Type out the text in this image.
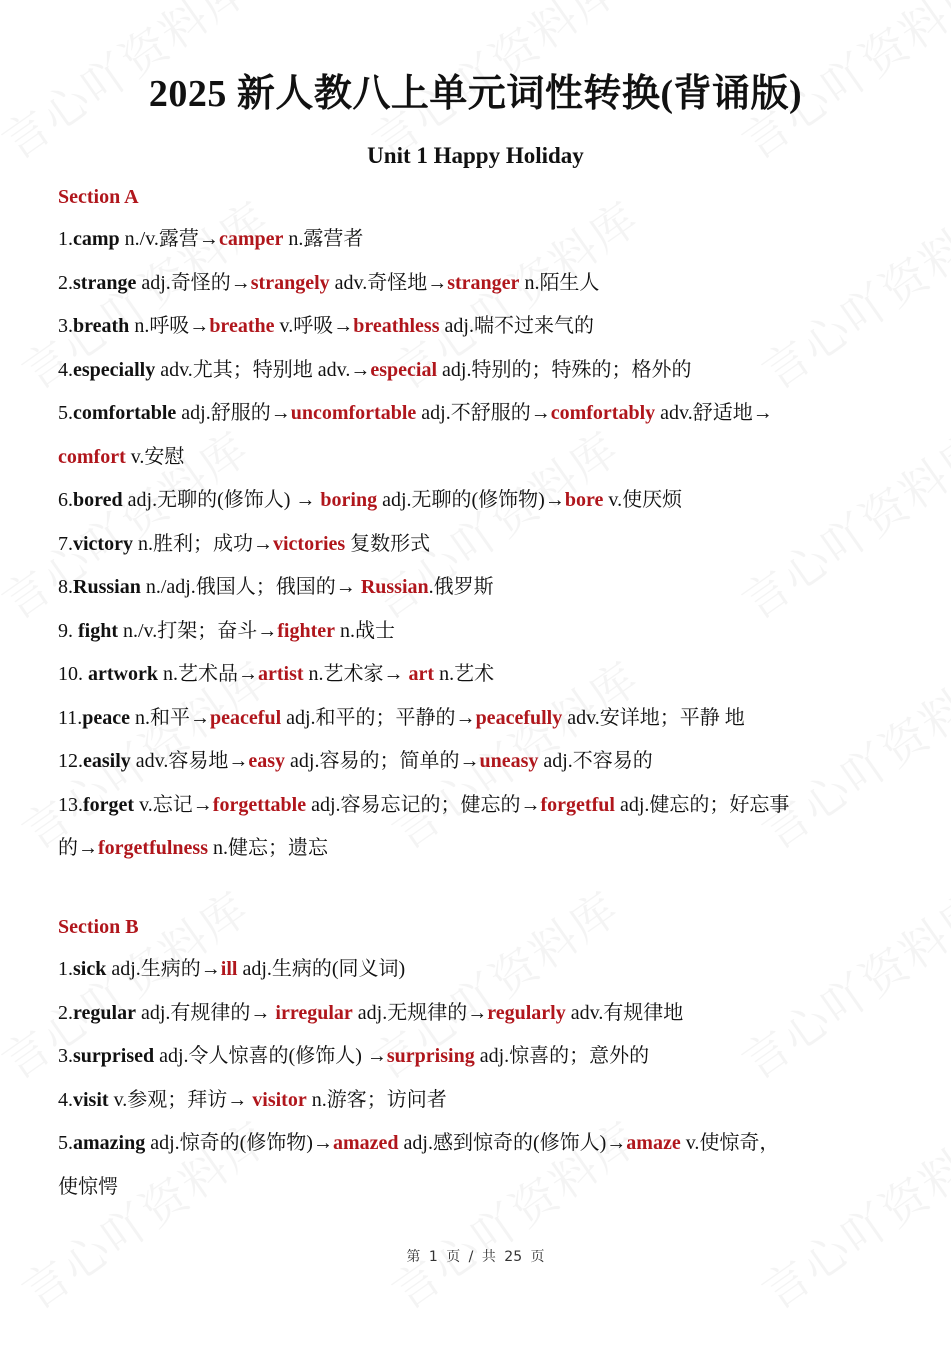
2025 新人教八上单元词性转换(背诵版)
Unit 1 Happy Holiday
Section A
1.camp n./v.露营→camper n.露营者
2.strange adj.奇怪的→strangely adv.奇怪地→stranger n.陌生人
3.breath n.呼吸→breathe v.呼吸→breathless adj.喘不过来气的
4.especially adv.尤其；特别地 adv.→especial adj.特别的；特殊的；格外的
5.comfortable adj.舒服的→uncomfortable adj.不舒服的→comfortably adv.舒适地→
comfort v.安慰
6.bored adj.无聊的(修饰人) → boring adj.无聊的(修饰物)→bore v.使厌烦
7.victory n.胜利；成功→victories 复数形式
8.Russian n./adj.俄国人；俄国的→ Russian.俄罗斯
9. fight n./v.打架；奋斗→fighter n.战士
10. artwork n.艺术品→artist n.艺术家→ art n.艺术
11.peace n.和平→peaceful adj.和平的；平静的→peacefully adv.安详地；平静 地
12.easily adv.容易地→easy adj.容易的；简单的→uneasy adj.不容易的
13.forget v.忘记→forgettable adj.容易忘记的；健忘的→forgetful adj.健忘的；好忘事
的→forgetfulness n.健忘；遗忘
Section B
1.sick adj.生病的→ill adj.生病的(同义词)
2.regular adj.有规律的→ irregular adj.无规律的→regularly adv.有规律地
3.surprised adj.令人惊喜的(修饰人) →surprising adj.惊喜的；意外的
4.visit v.参观；拜访→ visitor n.游客；访问者
5.amazing adj.惊奇的(修饰物)→amazed adj.感到惊奇的(修饰人)→amaze v.使惊奇，
使惊愕
第 1 页 / 共 25 页
